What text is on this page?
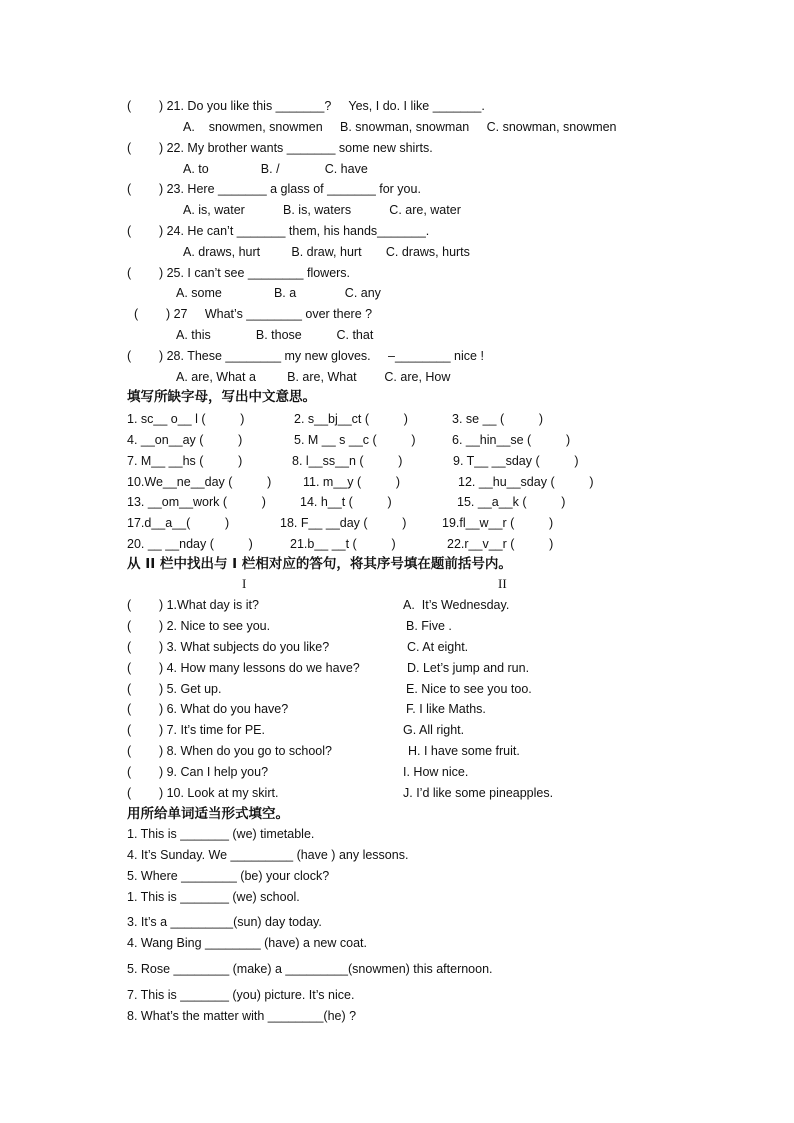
(        ) 21. Do you like this _______?     Yes, I do. I like _______.
A.    snowmen, snowmen     B. snowman, snowman     C. snowman, snowmen
(        ) 22. My brother wants _______ some new shirts.
A. to               B. /             C. have
(        ) 23. Here _______ a glass of _______ for you.
A. is, water           B. is, waters           C. are, water
(        ) 24. He can’t _______ them, his hands_______.
A. draws, hurt         B. draw, hurt       C. draws, hurts
(        ) 25. I can’t see ________ flowers.
A. some               B. a              C. any
(        ) 27     What’s ________ over there ?
A. this             B. those          C. that
(        ) 28. These ________ my new gloves.     –________ nice !
A. are, What a         B. are, What        C. are, How
填写所缺字母，写出中文意思。
1. sc__ o__ l (          )	2. s__bj__ct (          )	3. se __ (          )
4. __on__ay (          )	5. M __ s __c (          )	6. __hin__se (          )
7. M__ __hs (          )	8. l__ss__n (          )	9. T__ __sday (          )
10.We__ne__day (          )	11. m__y (          )	12. __hu__sday (          )
13. __om__work (          )	14. h__t (          )	15. __a__k (          )
17.d__a__(          )	18. F__ __day (          )	19.fl__w__r (          )
20. __ __nday (          )	21.b__ __t (          )	22.r__v__r (          )
从 II 栏中找出与 I 栏相对应的答句，将其序号填在题前括号内。
I	II
(        ) 1.What day is it?	A.  It’s Wednesday.
(        ) 2. Nice to see you.	B. Five .
(        ) 3. What subjects do you like?	C. At eight.
(        ) 4. How many lessons do we have?	D. Let’s jump and run.
(        ) 5. Get up.	E. Nice to see you too.
(        ) 6. What do you have?	F. I like Maths.
(        ) 7. It’s time for PE.	G. All right.
(        ) 8. When do you go to school?	H. I have some fruit.
(        ) 9. Can I help you?	I. How nice.
(        ) 10. Look at my skirt.	J. I’d like some pineapples.
用所给单词适当形式填空。
1. This is _______ (we) timetable.
4. It’s Sunday. We _________ (have ) any lessons.
5. Where ________ (be) your clock?
1. This is _______ (we) school.
3. It’s a _________(sun) day today.
4. Wang Bing ________ (have) a new coat.
5. Rose ________ (make) a _________(snowmen) this afternoon.
7. This is _______ (you) picture. It’s nice.
8. What’s the matter with ________(he) ?
